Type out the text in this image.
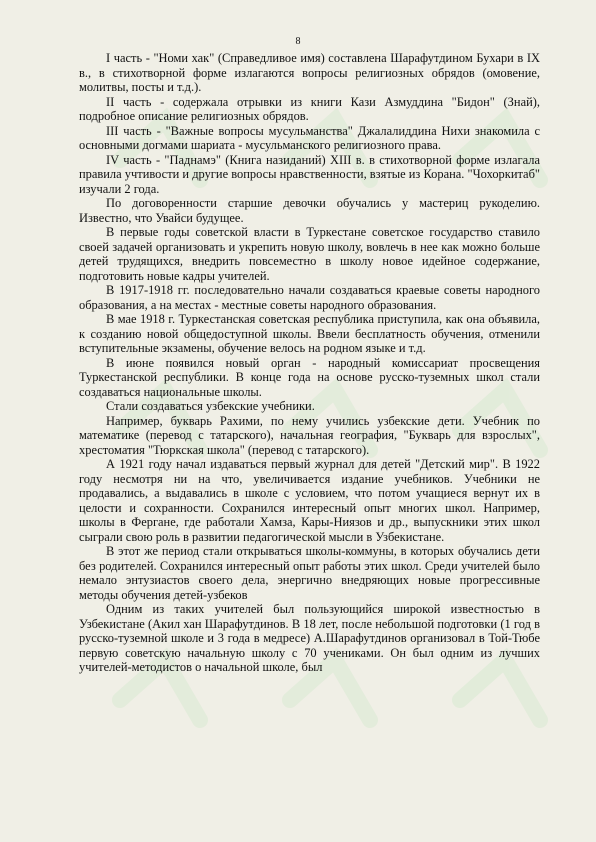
8

I часть - "Номи хак" (Справедливое имя) составлена Шарафутдином Бухари в IX в., в стихотворной форме излагаются вопросы религиозных обрядов (омовение, молитвы, посты и т.д.).

II часть - содержала отрывки из книги Кази Азмуддина "Бидон" (Знай), подробное описание религиозных обрядов.

III часть - "Важные вопросы мусульманства" Джалалиддина Нихи знакомила с основными догмами шариата - мусульманского религиозного права.

IV часть - "Паднамэ" (Книга назиданий) XIII в. в стихотворной форме излагала правила учтивости и другие вопросы нравственности, взятые из Корана. "Чохоркитаб" изучали 2 года.

По договоренности старшие девочки обучались у мастериц рукоделию. Известно, что Увайси будущее.

В первые годы советской власти в Туркестане советское государство ставило своей задачей организовать и укрепить новую школу, вовлечь в нее как можно больше детей трудящихся, внедрить повсеместно в школу новое идейное содержание, подготовить новые кадры учителей.

В 1917-1918 гг. последовательно начали создаваться краевые советы народного образования, а на местах - местные советы народного образования.

В мае 1918 г. Туркестанская советская республика приступила, как она объявила, к созданию новой общедоступной школы. Ввели бесплатность обучения, отменили вступительные экзамены, обучение велось на родном языке и т.д.

В июне появился новый орган - народный комиссариат просвещения Туркестанской республики. В конце года на основе русско-туземных школ стали создаваться национальные школы.

Стали создаваться узбекские учебники.

Например, букварь Рахими, по нему учились узбекские дети. Учебник по математике (перевод с татарского), начальная география, "Букварь для взрослых", хрестоматия "Тюркская школа" (перевод с татарского).

А 1921 году начал издаваться первый журнал для детей "Детский мир". В 1922 году несмотря ни на что, увеличивается издание учебников. Учебники не продавались, а выдавались в школе с условием, что потом учащиеся вернут их в целости и сохранности. Сохранился интересный опыт многих школ. Например, школы в Фергане, где работали Хамза, Кары-Ниязов и др., выпускники этих школ сыграли свою роль в развитии педагогической мысли в Узбекистане.

В этот же период стали открываться школы-коммуны, в которых обучались дети без родителей. Сохранился интересный опыт работы этих школ. Среди учителей было немало энтузиастов своего дела, энергично внедряющих новые прогрессивные методы обучения детей-узбеков

Одним из таких учителей был пользующийся широкой известностью в Узбекистане (Акил хан Шарафутдинов. В 18 лет, после небольшой подготовки (1 год в русско-туземной школе и 3 года в медресе) А.Шарафутдинов организовал в Той-Тюбе первую советскую начальную школу с 70 учениками. Он был одним из лучших учителей-методистов о начальной школе, был
